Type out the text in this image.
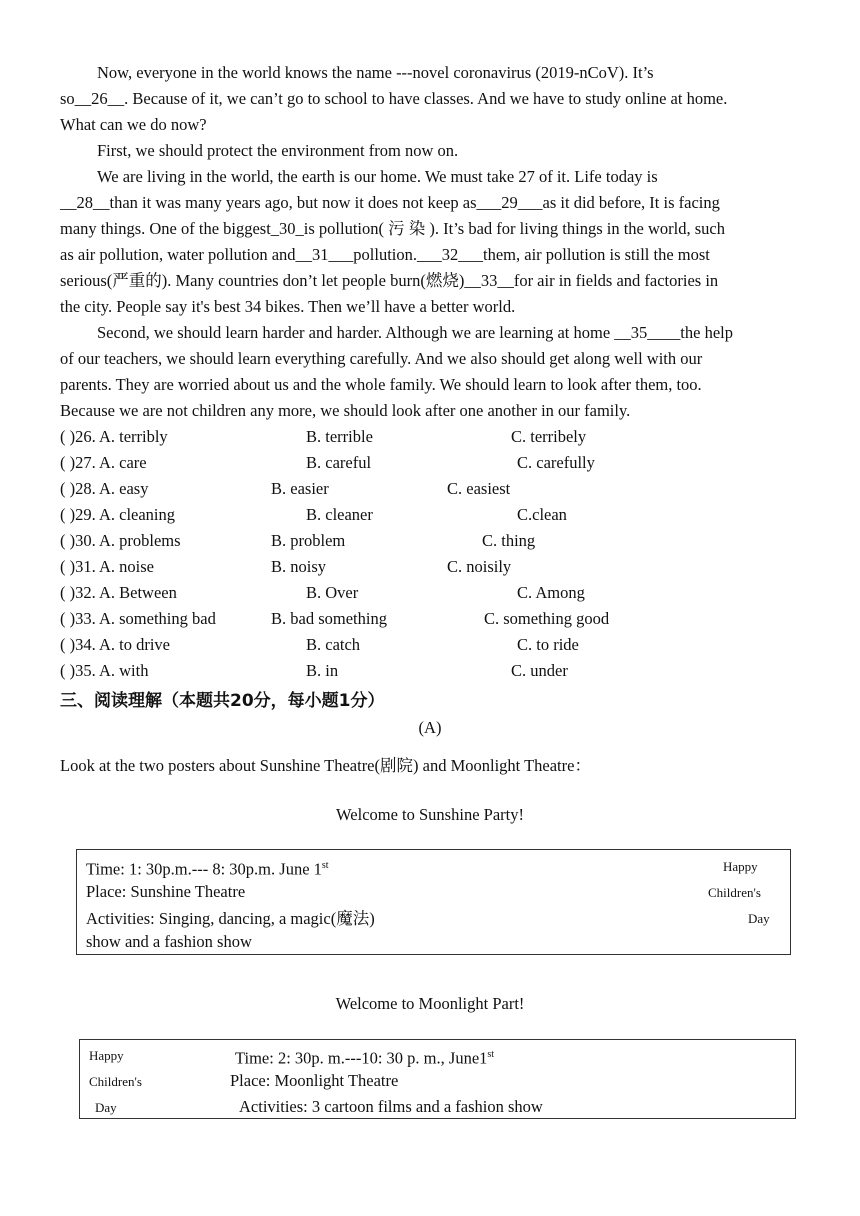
Now, everyone in the world knows the name ---novel coronavirus (2019-nCoV). It’s

so__26__. Because of it, we can’t go to school to have classes. And we have to study online at home.

What can we do now?

First, we should protect the environment from now on.

We are living in the world, the earth is our home. We must take 27 of it. Life today is

__28__than it was many years ago, but now it does not keep as___29___as it did before, It is facing

many things. One of the biggest_30_is pollution( 污 染 ). It’s bad for living things in the world, such

as air pollution, water pollution and__31___pollution.___32___them, air pollution is still the most

serious(严重的). Many countries don’t let people burn(燃烧)__33__for air in fields and factories in

the city. People say it's best 34 bikes. Then we’ll have a better world.

Second, we should learn harder and harder. Although we are learning at home __35____the help

of our teachers, we should learn everything carefully. And we also should get along well with our

parents. They are worried about us and the whole family. We should learn to look after them, too.

Because we are not children any more, we should look after one another in our family.

( )26. A. terribly	B. terrible	C. terribely
( )27. A. care	B. careful	C. carefully
( )28. A. easy	B. easier	C. easiest
( )29. A. cleaning	B. cleaner	C.clean
( )30. A. problems	B. problem	C. thing
( )31. A. noise	B. noisy	C. noisily
( )32. A. Between	B. Over	C. Among
( )33. A. something bad	B. bad something	C. something good
( )34. A. to drive	B. catch	C. to ride
( )35. A. with	B. in	C. under
三、阅读理解（本题共20分，每小题1分）
(A)
Look at the two posters about Sunshine Theatre(剧院) and Moonlight Theatre：
Welcome to Sunshine Party!
Time: 1: 30p.m.--- 8: 30p.m. June 1st
Place: Sunshine Theatre
Activities: Singing, dancing, a magic(魔法)
show and a fashion show
Happy
Children's
Day
Welcome to Moonlight Part!
Happy
Children's
Day
Time: 2: 30p. m.---10: 30 p. m., June1st
Place: Moonlight Theatre
Activities: 3 cartoon films and a fashion show
